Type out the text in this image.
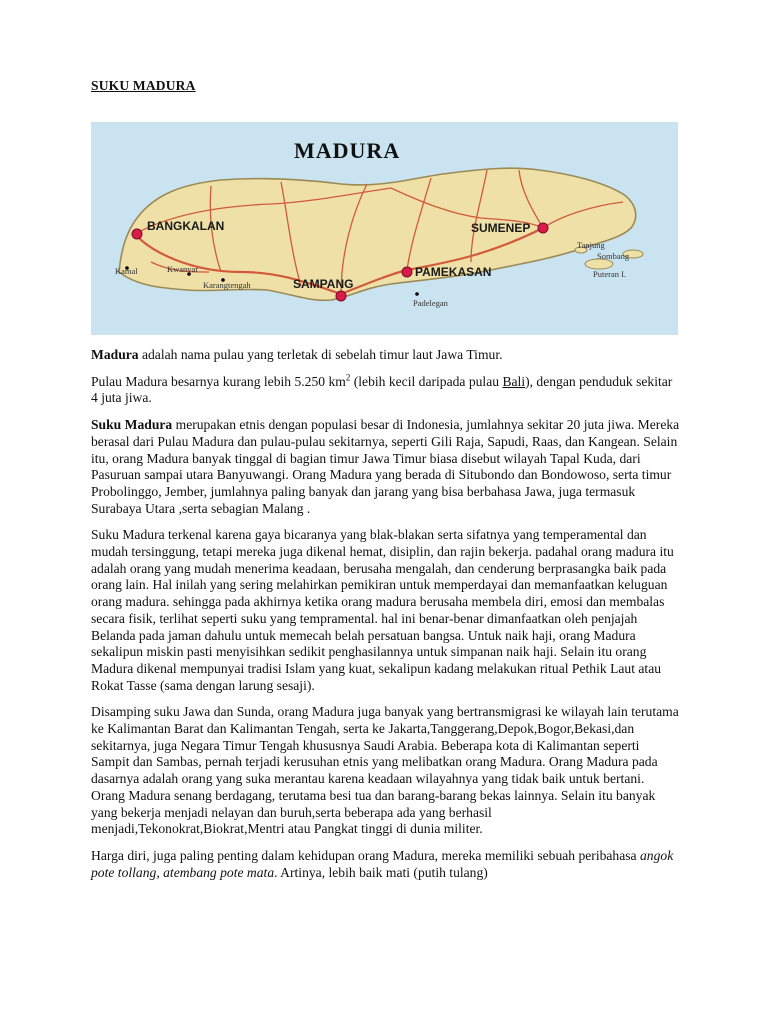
SUKU MADURA
MADURA
BANGKALAN	SUMENEP
SAMPANG
PAMEKASAN
Kamal	Kwanyar
Karangtengah
Padelegan
Tanjung
Sombang
Puteran I.

Madura adalah nama pulau yang terletak di sebelah timur laut Jawa Timur.

Pulau Madura besarnya kurang lebih 5.250 $km^2$ (lebih kecil daripada pulau Bali), dengan penduduk sekitar 4 juta jiwa.

Suku Madura merupakan etnis dengan populasi besar di Indonesia, jumlahnya sekitar 20 juta jiwa. Mereka berasal dari Pulau Madura dan pulau-pulau sekitarnya, seperti Gili Raja, Sapudi, Raas, dan Kangean. Selain itu, orang Madura banyak tinggal di bagian timur Jawa Timur biasa disebut wilayah Tapal Kuda, dari Pasuruan sampai utara Banyuwangi. Orang Madura yang berada di Situbondo dan Bondowoso, serta timur Probolinggo, Jember, jumlahnya paling banyak dan jarang yang bisa berbahasa Jawa, juga termasuk Surabaya Utara ,serta sebagian Malang .

Suku Madura terkenal karena gaya bicaranya yang blak-blakan serta sifatnya yang temperamental dan mudah tersinggung, tetapi mereka juga dikenal hemat, disiplin, dan rajin bekerja. padahal orang madura itu adalah orang yang mudah menerima keadaan, berusaha mengalah, dan cenderung berprasangka baik pada orang lain. Hal inilah yang sering melahirkan pemikiran untuk memperdayai dan memanfaatkan keluguan orang madura. sehingga pada akhirnya ketika orang madura berusaha membela diri, emosi dan membalas secara fisik, terlihat seperti suku yang tempramental. hal ini benar-benar dimanfaatkan oleh penjajah Belanda pada jaman dahulu untuk memecah belah persatuan bangsa. Untuk naik haji, orang Madura sekalipun miskin pasti menyisihkan sedikit penghasilannya untuk simpanan naik haji. Selain itu orang Madura dikenal mempunyai tradisi Islam yang kuat, sekalipun kadang melakukan ritual Pethik Laut atau Rokat Tasse (sama dengan larung sesaji).

Disamping suku Jawa dan Sunda, orang Madura juga banyak yang bertransmigrasi ke wilayah lain terutama ke Kalimantan Barat dan Kalimantan Tengah, serta ke Jakarta,Tanggerang,Depok,Bogor,Bekasi,dan sekitarnya, juga Negara Timur Tengah khususnya Saudi Arabia. Beberapa kota di Kalimantan seperti Sampit dan Sambas, pernah terjadi kerusuhan etnis yang melibatkan orang Madura. Orang Madura pada dasarnya adalah orang yang suka merantau karena keadaan wilayahnya yang tidak baik untuk bertani. Orang Madura senang berdagang, terutama besi tua dan barang-barang bekas lainnya. Selain itu banyak yang bekerja menjadi nelayan dan buruh,serta beberapa ada yang berhasil menjadi,Tekonokrat,Biokrat,Mentri atau Pangkat tinggi di dunia militer.

Harga diri, juga paling penting dalam kehidupan orang Madura, mereka memiliki sebuah peribahasa angok pote tollang, atembang pote mata. Artinya, lebih baik mati (putih tulang)
